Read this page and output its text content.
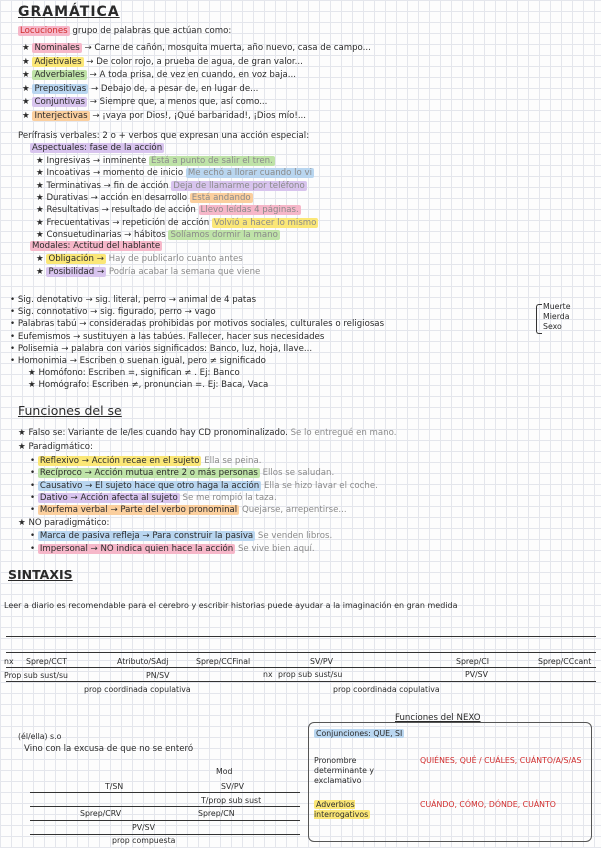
GRAMÁTICA
Locuciones grupo de palabras que actúan como:
★ Nominales → Carne de cañón, mosquita muerta, año nuevo, casa de campo...
★ Adjetivales → De color rojo, a prueba de agua, de gran valor...
★ Adverbiales → A toda prisa, de vez en cuando, en voz baja...
★ Prepositivas → Debajo de, a pesar de, en lugar de...
★ Conjuntivas → Siempre que, a menos que, así como...
★ Interjectivas → ¡vaya por Dios!, ¡Qué barbaridad!, ¡Dios mío!...
Perífrasis verbales: 2 o + verbos que expresan una acción especial:
Aspectuales: fase de la acción
★ Ingresivas → inminente Está a punto de salir el tren.
★ Incoativas → momento de inicio Me echó a llorar cuando lo vi
★ Terminativas → fin de acción Deja de llamarme por teléfono
★ Durativas → acción en desarrollo Está andando
★ Resultativas → resultado de acción Llevo leídas 4 páginas.
★ Frecuentativas → repetición de acción Volvió a hacer lo mismo
★ Consuetudinarias → hábitos Solíamos dormir la mano
Modales: Actitud del hablante
★ Obligación → Hay de publicarlo cuanto antes
★ Posibilidad → Podría acabar la semana que viene
• Sig. denotativo → sig. literal, perro → animal de 4 patas
• Sig. connotativo → sig. figurado, perro → vago
• Palabras tabú → consideradas prohibidas por motivos sociales, culturales o religiosas
• Eufemismos → sustituyen a las tabúes. Fallecer, hacer sus necesidades
• Polisemia → palabra con varios significados: Banco, luz, hoja, llave...
• Homonimia → Escriben o suenan igual, pero ≠ significado
★ Homófono: Escriben =, significan ≠ . Ej: Banco
★ Homógrafo: Escriben ≠, pronuncian =. Ej: Baca, Vaca
Muerte
Mierda
Sexo
Funciones del se
★ Falso se: Variante de le/les cuando hay CD pronominalizado. Se lo entregué en mano.
★ Paradigmático:
• Reflexivo → Acción recae en el sujeto Ella se peina.
• Recíproco → Acción mutua entre 2 o más personas Ellos se saludan.
• Causativo → El sujeto hace que otro haga la acción Ella se hizo lavar el coche.
• Dativo → Acción afecta al sujeto Se me rompió la taza.
• Morfema verbal → Parte del verbo pronominal Quejarse, arrepentirse...
★ NO paradigmático:
• Marca de pasiva refleja → Para construir la pasiva Se venden libros.
• Impersonal → NO indica quien hace la acción Se vive bien aquí.
SINTAXIS
Leer a diario es recomendable para el cerebro y escribir historias puede ayudar a la imaginación en gran medida
nx Sprep/CCT	Atributo/SAdj	Sprep/CCFinal
nx
SV/PV	Sprep/CI	Sprep/CCcant
Prop sub sust/su	PN/SV	prop sub sust/su	PV/SV
prop coordinada copulativa	prop coordinada copulativa
(él/ella) s.o
Vino con la excusa de que no se enteró
Mod
T/SN	SV/PV
Sprep/CRV
T/prop sub sust
Sprep/CN
PV/SV
prop compuesta
Funciones del NEXO
Conjunciones: QUE, SI
Pronombre determinante y exclamativo
QUIÉNES, QUÉ / CUÁLES, CUÁNTO/A/S/AS
Adverbios interrogativos
CUÁNDO, CÓMO, DÓNDE, CUÁNTO
